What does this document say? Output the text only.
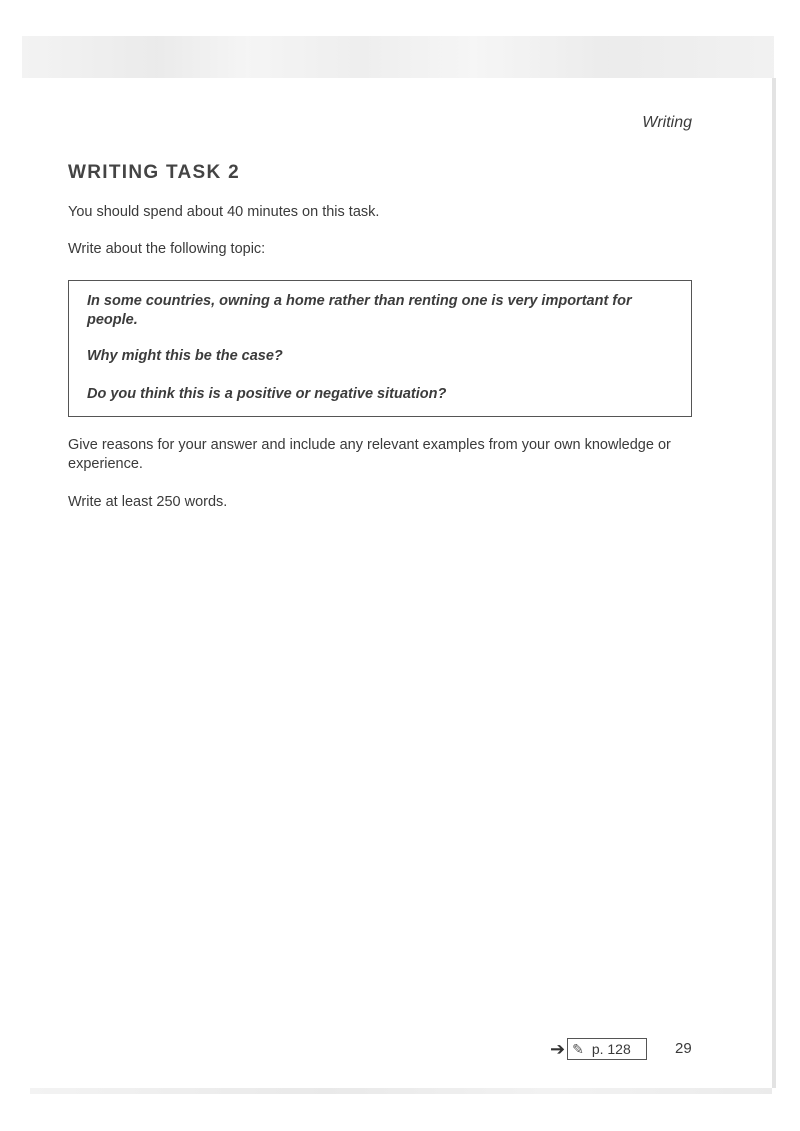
Writing
WRITING TASK 2
You should spend about 40 minutes on this task.
Write about the following topic:
In some countries, owning a home rather than renting one is very important for people.
Why might this be the case?
Do you think this is a positive or negative situation?
Give reasons for your answer and include any relevant examples from your own knowledge or experience.
Write at least 250 words.
➔ ✎ p. 128	29
